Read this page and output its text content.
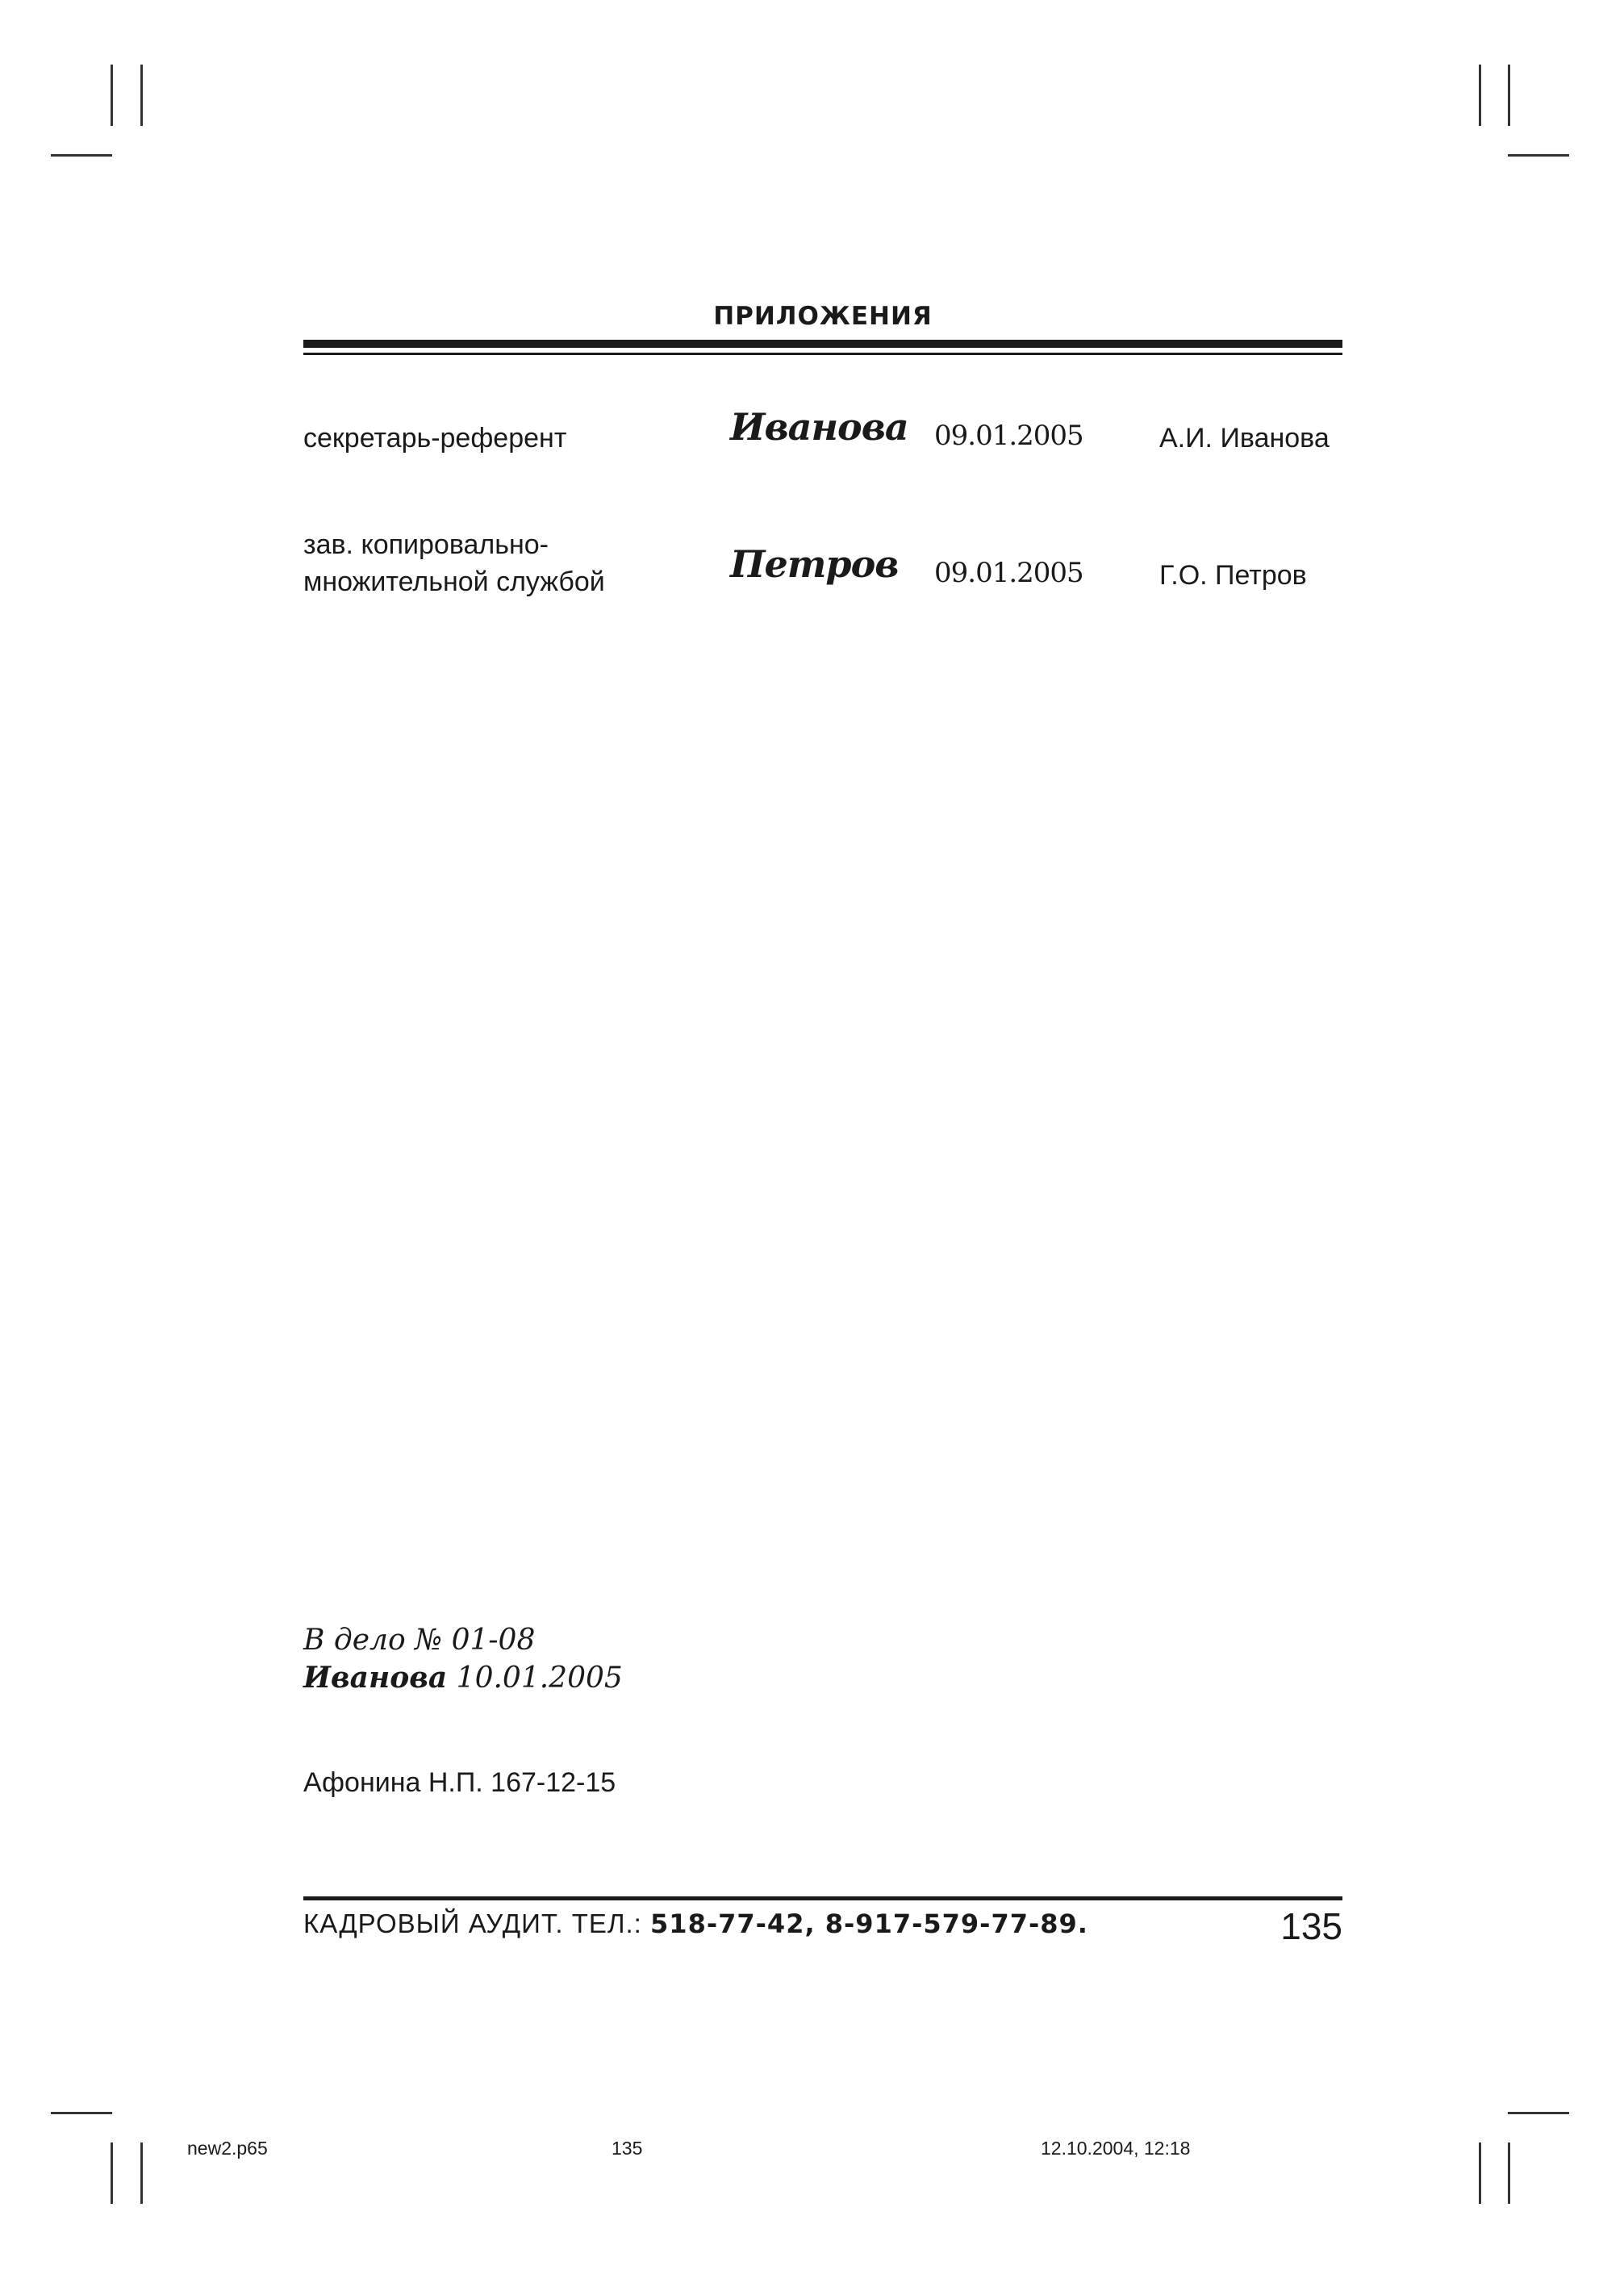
ПРИЛОЖЕНИЯ
секретарь-референт	Иванова 09.01.2005	А.И. Иванова
зав. копировально-
множительной службой	Петров 09.01.2005	Г.О. Петров
В дело № 01-08
Иванова 10.01.2005
Афонина Н.П. 167-12-15
КАДРОВЫЙ АУДИТ. ТЕЛ.: 518-77-42, 8-917-579-77-89.	135
new2.p65	135	12.10.2004, 12:18
